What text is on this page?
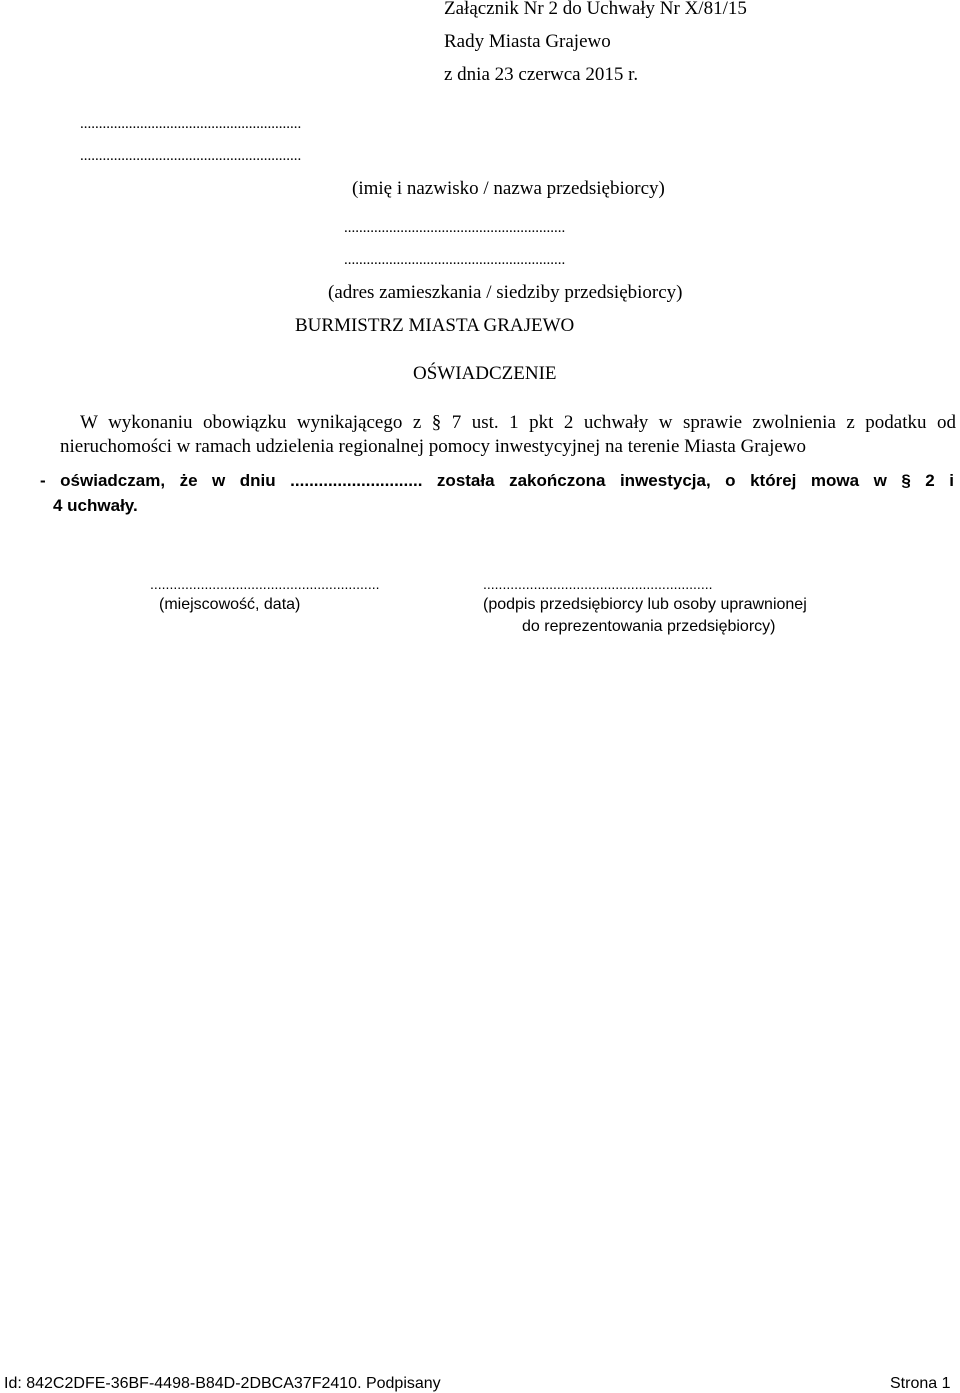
Załącznik Nr 2 do Uchwały Nr X/81/15
Rady Miasta Grajewo
z dnia 23 czerwca 2015 r.
...........................................................
...........................................................
(imię i nazwisko / nazwa przedsiębiorcy)
...........................................................
...........................................................
(adres zamieszkania / siedziby przedsiębiorcy)
BURMISTRZ MIASTA GRAJEWO
OŚWIADCZENIE
W wykonaniu obowiązku wynikającego z § 7 ust. 1 pkt 2 uchwały w sprawie zwolnienia z podatku od
nieruchomości w ramach udzielenia regionalnej pomocy inwestycyjnej na terenie Miasta Grajewo
- oświadczam, że w dniu ............................ została zakończona inwestycja, o której mowa w § 2 i
4 uchwały.
...........................................................
(miejscowość, data)
...........................................................
(podpis przedsiębiorcy lub osoby uprawnionej
do reprezentowania przedsiębiorcy)
Id: 842C2DFE-36BF-4498-B84D-2DBCA37F2410. Podpisany	Strona 1
